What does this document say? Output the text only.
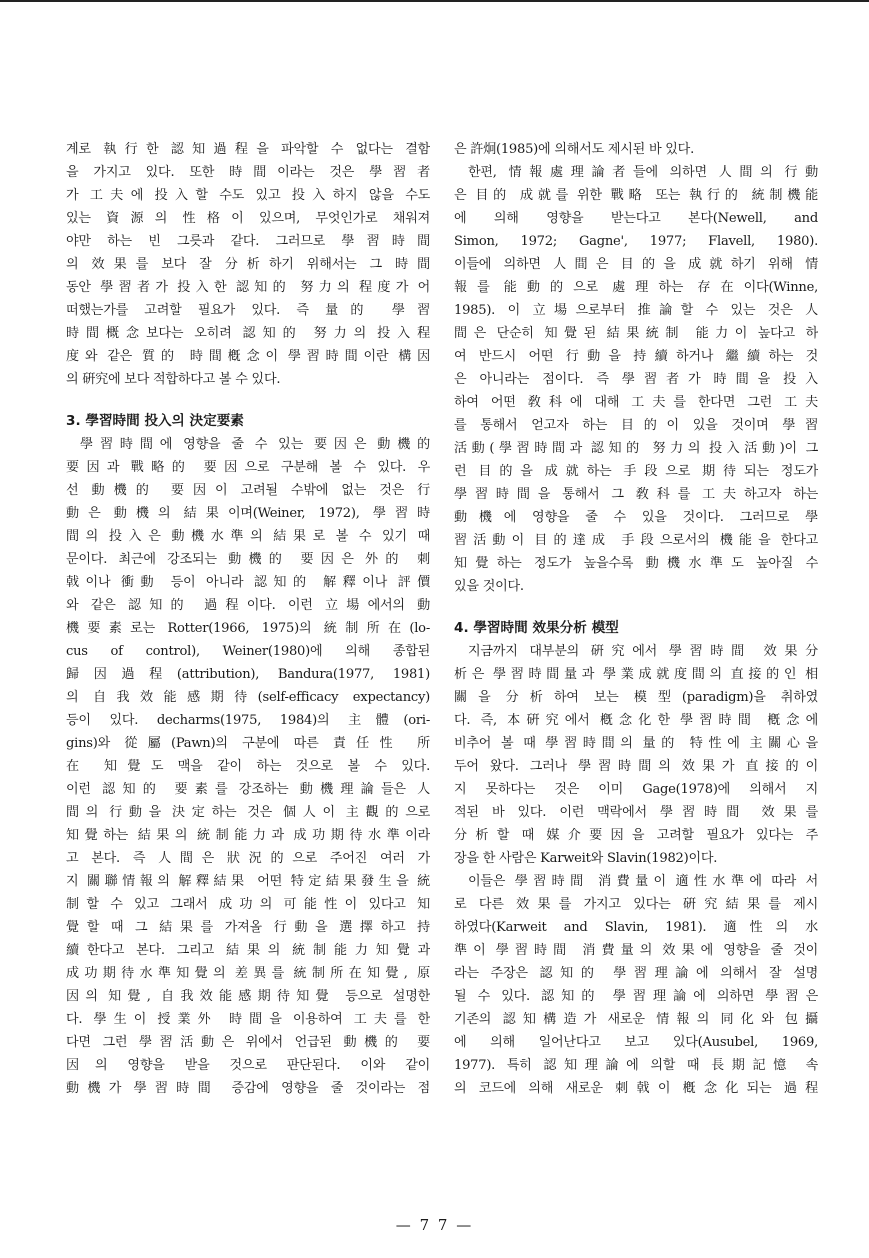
계로 執行한 認知過程을 파악할 수 없다는 결함
을 가지고 있다. 또한 時間이라는 것은 學習者
가 工夫에 投入할 수도 있고 投入하지 않을 수도
있는 資源의 性格이 있으며, 무엇인가로 채워져
야만 하는 빈 그릇과 같다. 그러므로 學習時間
의 效果를 보다 잘 分析하기 위해서는 그 時間
동안 學習者가 投入한 認知的 努力의 程度가 어
떠했는가를 고려할 필요가 있다. 즉 量的 學習
時間概念보다는 오히려 認知的 努力의 投入程
度와 같은 質的 時間槪念이 學習時間이란 構因
의 硏究에 보다 적합하다고 볼 수 있다.
3. 學習時間 投入의 決定要素
學習時間에 영향을 줄 수 있는 要因은 動機的
要因과 戰略的 要因으로 구분해 볼 수 있다. 우
선 動機的 要因이 고려될 수밖에 없는 것은 行
動은 動機의 結果이며(Weiner, 1972), 學習時
間의 投入은 動機水準의 結果로 볼 수 있기 때
문이다. 최근에 강조되는 動機的 要因은 外的 刺
戟이나 衝動 등이 아니라 認知的 解釋이나 評價
와 같은 認知的 過程이다. 이런 立場에서의 動
機要素로는 Rotter(1966, 1975)의 統制所在(lo-
cus of control), Weiner(1980)에 의해 종합된
歸因過程(attribution), Bandura(1977, 1981)
의 自我效能感期待(self-efficacy expectancy)
등이 있다. decharms(1975, 1984)의 主體(ori-
gins)와 從屬(Pawn)의 구분에 따른 責任性 所
在 知覺도 맥을 같이 하는 것으로 볼 수 있다.
이런 認知的 要素를 강조하는 動機理論들은 人
間의 行動을 決定하는 것은 個人이 主觀的으로
知覺하는 結果의 統制能力과 成功期待水準이라
고 본다. 즉 人間은 狀況的으로 주어진 여러 가
지 關聯情報의 解釋結果 어떤 特定結果發生을 統
制할 수 있고 그래서 成功의 可能性이 있다고 知
覺할 때 그 結果를 가져올 行動을 選擇하고 持
續한다고 본다. 그리고 結果의 統制能力知覺과
成功期待水準知覺의 差異를 統制所在知覺, 原
因의 知覺, 自我效能感期待知覺 등으로 설명한
다. 學生이 授業外 時間을 이용하여 工夫를 한
다면 그런 學習活動은 위에서 언급된 動機的 要
因의 영향을 받을 것으로 판단된다. 이와 같이
動機가 學習時間 증감에 영향을 줄 것이라는 점
은 許炯(1985)에 의해서도 제시된 바 있다.
한편, 情報處理論者들에 의하면 人間의 行動
은 目的 成就를 위한 戰略 또는 執行的 統制機能
에 의해 영향을 받는다고 본다(Newell, and
Simon, 1972; Gagne', 1977; Flavell, 1980).
이들에 의하면 人間은 目的을 成就하기 위해 情
報를 能動的으로 處理하는 存在이다(Winne,
1985). 이 立場으로부터 推論할 수 있는 것은 人
間은 단순히 知覺된 結果統制 能力이 높다고 하
여 반드시 어떤 行動을 持續하거나 繼續하는 것
은 아니라는 점이다. 즉 學習者가 時間을 投入
하여 어떤 敎科에 대해 工夫를 한다면 그런 工夫
를 통해서 얻고자 하는 目的이 있을 것이며 學習
活動(學習時間과 認知的 努力의 投入活動)이 그
런 目的을 成就하는 手段으로 期待되는 정도가
學習時間을 통해서 그 敎科를 工夫하고자 하는
動機에 영향을 줄 수 있을 것이다. 그러므로 學
習活動이 目的達成 手段으로서의 機能을 한다고
知覺하는 정도가 높을수록 動機水準도 높아질 수
있을 것이다.
4. 學習時間 效果分析 模型
지금까지 대부분의 硏究에서 學習時間 效果分
析은 學習時間量과 學業成就度間의 直接的인 相
關을 分析하여 보는 模型(paradigm)을 취하였
다. 즉, 本硏究에서 槪念化한 學習時間 槪念에
비추어 볼 때 學習時間의 量的 特性에 主關心을
두어 왔다. 그러나 學習時間의 效果가 直接的이
지 못하다는 것은 이미 Gage(1978)에 의해서 지
적된 바 있다. 이런 맥락에서 學習時間 效果를
分析할 때 媒介要因을 고려할 필요가 있다는 주
장을 한 사람은 Karweit와 Slavin(1982)이다.
이들은 學習時間 消費量이 適性水準에 따라 서
로 다른 效果를 가지고 있다는 硏究結果를 제시
하였다(Karweit and Slavin, 1981). 適性의 水
準이 學習時間 消費量의 效果에 영향을 줄 것이
라는 주장은 認知的 學習理論에 의해서 잘 설명
될 수 있다. 認知的 學習理論에 의하면 學習은
기존의 認知構造가 새로운 情報의 同化와 包攝
에 의해 일어난다고 보고 있다(Ausubel, 1969,
1977). 특히 認知理論에 의할 때 長期記憶 속
의 코드에 의해 새로운 刺戟이 槪念化되는 過程
— 7 7 —
